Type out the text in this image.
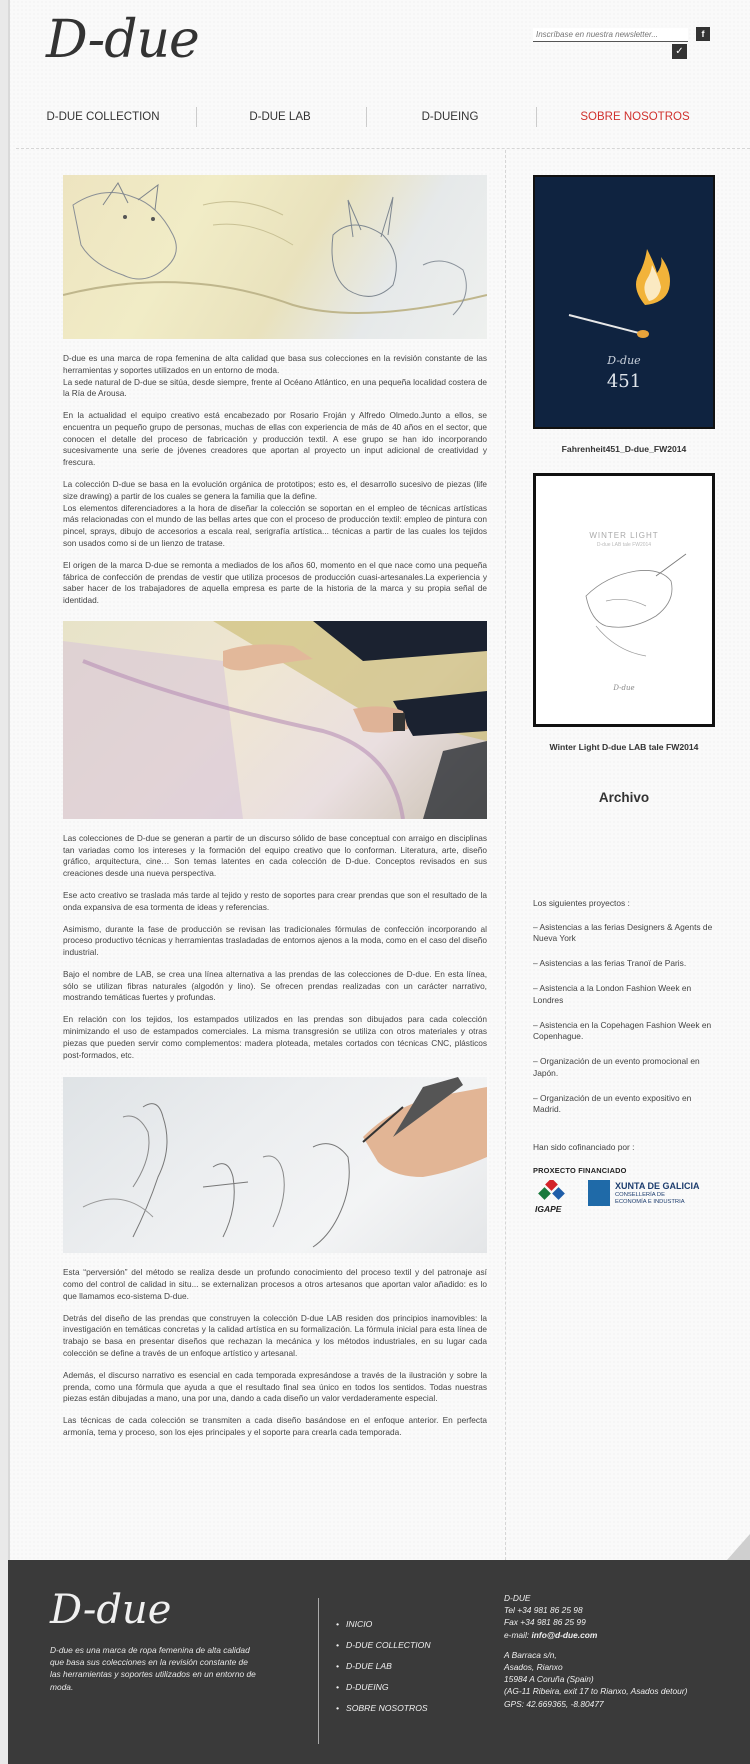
D-due
Inscríbase en nuestra newsletter...	f
✓
D-DUE COLLECTION	D-DUE LAB	D-DUEING	SOBRE NOSOTROS

D-due es una marca de ropa femenina de alta calidad que basa sus colecciones en la revisión constante de las herramientas y soportes utilizados en un entorno de moda.
La sede natural de D-due se sitúa, desde siempre, frente al Océano Atlántico, en una pequeña localidad costera de la Ría de Arousa.

En la actualidad el equipo creativo está encabezado por Rosario Froján y Alfredo Olmedo.Junto a ellos, se encuentra un pequeño grupo de personas, muchas de ellas con experiencia de más de 40 años en el sector, que conocen el detalle del proceso de fabricación y producción textil. A ese grupo se han ido incorporando sucesivamente una serie de jóvenes creadores que aportan al proyecto un input adicional de creatividad y frescura.

La colección D-due se basa en la evolución orgánica de prototipos; esto es, el desarrollo sucesivo de piezas (life size drawing) a partir de los cuales se genera la familia que la define.
Los elementos diferenciadores a la hora de diseñar la colección se soportan en el empleo de técnicas artísticas más relacionadas con el mundo de las bellas artes que con el proceso de producción textil: empleo de pintura con pincel, sprays, dibujo de accesorios a escala real, serigrafía artística... técnicas a partir de las cuales los tejidos son usados como si de un lienzo de tratase.

El origen de la marca D-due se remonta a mediados de los años 60, momento en el que nace como una pequeña fábrica de confección de prendas de vestir que utiliza procesos de producción cuasi-artesanales.La experiencia y saber hacer de los trabajadores de aquella empresa es parte de la historia de la marca y su propia señal de identidad.

Las colecciones de D-due se generan a partir de un discurso sólido de base conceptual con arraigo en disciplinas tan variadas como los intereses y la formación del equipo creativo que lo conforman. Literatura, arte, diseño gráfico, arquitectura, cine… Son temas latentes en cada colección de D-due. Conceptos revisados en sus creaciones desde una nueva perspectiva.

Ese acto creativo se traslada más tarde al tejido y resto de soportes para crear prendas que son el resultado de la onda expansiva de esa tormenta de ideas y referencias.

Asimismo, durante la fase de producción se revisan las tradicionales fórmulas de confección incorporando al proceso productivo técnicas y herramientas trasladadas de entornos ajenos a la moda, como en el caso del diseño industrial.

Bajo el nombre de LAB, se crea una línea alternativa a las prendas de las colecciones de D-due. En esta línea, sólo se utilizan fibras naturales (algodón y lino). Se ofrecen prendas realizadas con un carácter narrativo, mostrando temáticas fuertes y profundas.

En relación con los tejidos, los estampados utilizados en las prendas son dibujados para cada colección minimizando el uso de estampados comerciales. La misma transgresión se utiliza con otros materiales y otras piezas que pueden servir como complementos: madera ploteada, metales cortados con técnicas CNC, plásticos post-formados, etc.

Esta “perversión” del método se realiza desde un profundo conocimiento del proceso textil y del patronaje así como del control de calidad in situ... se externalizan procesos a otros artesanos que aportan valor añadido: es lo que llamamos eco-sistema D-due.

Detrás del diseño de las prendas que construyen la colección D-due LAB residen dos principios inamovibles: la investigación en temáticas concretas y la calidad artística en su formalización. La fórmula inicial para esta línea de trabajo se basa en presentar diseños que rechazan la mecánica y los métodos industriales, en su lugar cada colección se define a través de un enfoque artístico y artesanal.

Además, el discurso narrativo es esencial en cada temporada expresándose a través de la ilustración y sobre la prenda, como una fórmula que ayuda a que el resultado final sea único en todos los sentidos. Todas nuestras piezas están dibujadas a mano, una por una, dando a cada diseño un valor verdaderamente especial.

Las técnicas de cada colección se transmiten a cada diseño basándose en el enfoque anterior. En perfecta armonía, tema y proceso, son los ejes principales y el soporte para crearla cada temporada.

D-due
451
Fahrenheit451_D-due_FW2014
WINTER LIGHT
D-due LAB tale FW2014
D-due
Winter Light D-due LAB tale FW2014
Archivo

Los siguientes proyectos :

– Asistencias a las ferias Designers & Agents de Nueva York
– Asistencias a las ferias Tranoï de Paris.
– Asistencia a la London Fashion Week en Londres
– Asistencia en la Copehagen Fashion Week en Copenhague.
– Organización de un evento promocional en Japón.
– Organización de un evento expositivo en Madrid.

Han sido cofinanciado por :

PROXECTO FINANCIADO
IGAPE
XUNTA DE GALICIA
CONSELLERÍA DE
ECONOMÍA E INDUSTRIA
D-due
D-due es una marca de ropa femenina de alta calidad que basa sus colecciones en la revisión constante de las herramientas y soportes utilizados en un entorno de moda.
• INICIO
• D-DUE COLLECTION
• D-DUE LAB
• D-DUEING
• SOBRE NOSOTROS
D-DUE
Tel +34 981 86 25 98
Fax +34 981 86 25 99
e-mail: info@d-due.com
A Barraca s/n,
Asados, Rianxo
15984 A Coruña (Spain)
(AG-11 Ribeira, exit 17 to Rianxo, Asados detour)
GPS: 42.669365, -8.80477
